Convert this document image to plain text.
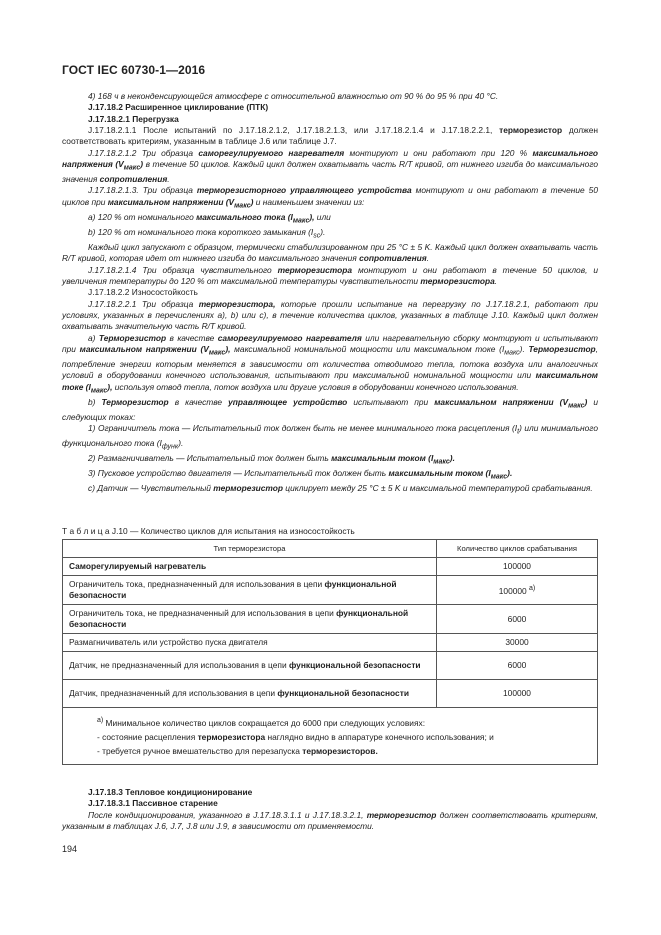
ГОСТ IEC 60730-1—2016

4) 168 ч в неконденсирующейся атмосфере с относительной влажностью от 90 % до 95 % при 40 °C.

J.17.18.2 Расширенное циклирование (ПТК)

J.17.18.2.1 Перегрузка

J.17.18.2.1.1 После испытаний по J.17.18.2.1.2, J.17.18.2.1.3, или J.17.18.2.1.4 и J.17.18.2.2.1, терморезистор должен соответствовать критериям, указанным в таблице J.6 или таблице J.7.

J.17.18.2.1.2 Три образца саморегулируемого нагревателя монтируют и они работают при 120 % максимального напряжения $(V_{макс})$ в течение 50 циклов. Каждый цикл должен охватывать часть R/T кривой, от нижнего изгиба до максимального значения сопротивления.

J.17.18.2.1.3. Три образца терморезисторного управляющего устройства монтируют и они работают в течение 50 циклов при максимальном напряжении $(V_{макс})$ и наименьшем значении из:

a) 120 % от номинального максимального тока $(I_{макс})$, или

b) 120 % от номинального тока короткого замыкания $(I_{sc})$.

Каждый цикл запускают с образцом, термически стабилизированном при 25 °C ± 5 K. Каждый цикл должен охватывать часть R/T кривой, которая идет от нижнего изгиба до максимального значения сопротивления.

J.17.18.2.1.4 Три образца чувствительного терморезистора монтируют и они работают в течение 50 циклов, и увеличения температуры до 120 % от максимальной температуры чувствительности терморезистора.

J.17.18.2.2 Износостойкость

J.17.18.2.2.1 Три образца терморезистора, которые прошли испытание на перегрузку по J.17.18.2.1, работают при условиях, указанных в перечислениях a), b) или c), в течение количества циклов, указанных в таблице J.10. Каждый цикл должен охватывать значительную часть R/T кривой.

a) Терморезистор в качестве саморегулируемого нагревателя или нагревательную сборку монтируют и испытывают при максимальном напряжении $(V_{макс})$, максимальной номинальной мощности или максимальном токе $(I_{макс})$. Терморезистор, потребление энергии которым меняется в зависимости от количества отводимого тепла, потока воздуха или аналогичных условий в оборудовании конечного использования, испытывают при максимальной номинальной мощности или максимальном токе $(I_{макс})$, используя отвод тепла, поток воздуха или другие условия в оборудовании конечного использования.

b) Терморезистор в качестве управляющее устройство испытывают при максимальном напряжении $(V_{макс})$ и следующих токах:

1) Ограничитель тока — Испытательный ток должен быть не менее минимального тока расцепления $(I_t)$ или минимального функционального тока $(I_{функ})$.

2) Размагничиватель — Испытательный ток должен быть максимальным током $(I_{макс})$.

3) Пусковое устройство двигателя — Испытательный ток должен быть максимальным током $(I_{макс})$.

c) Датчик — Чувствительный терморезистор циклирует между 25 °C ± 5 K и максимальной температурой срабатывания.

Т а б л и ц а J.10 — Количество циклов для испытания на износостойкость
Тип терморезистора	Количество циклов срабатывания
Саморегулируемый нагреватель	100000
Ограничитель тока, предназначенный для использования в цепи функциональной безопасности	100000 $^{а)}$
Ограничитель тока, не предназначенный для использования в цепи функциональной безопасности	6000
Размагничиватель или устройство пуска двигателя	30000
Датчик, не предназначенный для использования в цепи функциональной безопасности	6000
Датчик, предназначенный для использования в цепи функциональной безопасности	100000

$^{а)}$ Минимальное количество циклов сокращается до 6000 при следующих условиях:
- состояние расцепления терморезистора наглядно видно в аппаратуре конечного использования; и
- требуется ручное вмешательство для перезапуска терморезисторов.	

J.17.18.3 Тепловое кондиционирование

J.17.18.3.1 Пассивное старение

После кондиционирования, указанного в J.17.18.3.1.1 и J.17.18.3.2.1, терморезистор должен соответствовать критериям, указанным в таблицах J.6, J.7, J.8 или J.9, в зависимости от применяемости.

194
